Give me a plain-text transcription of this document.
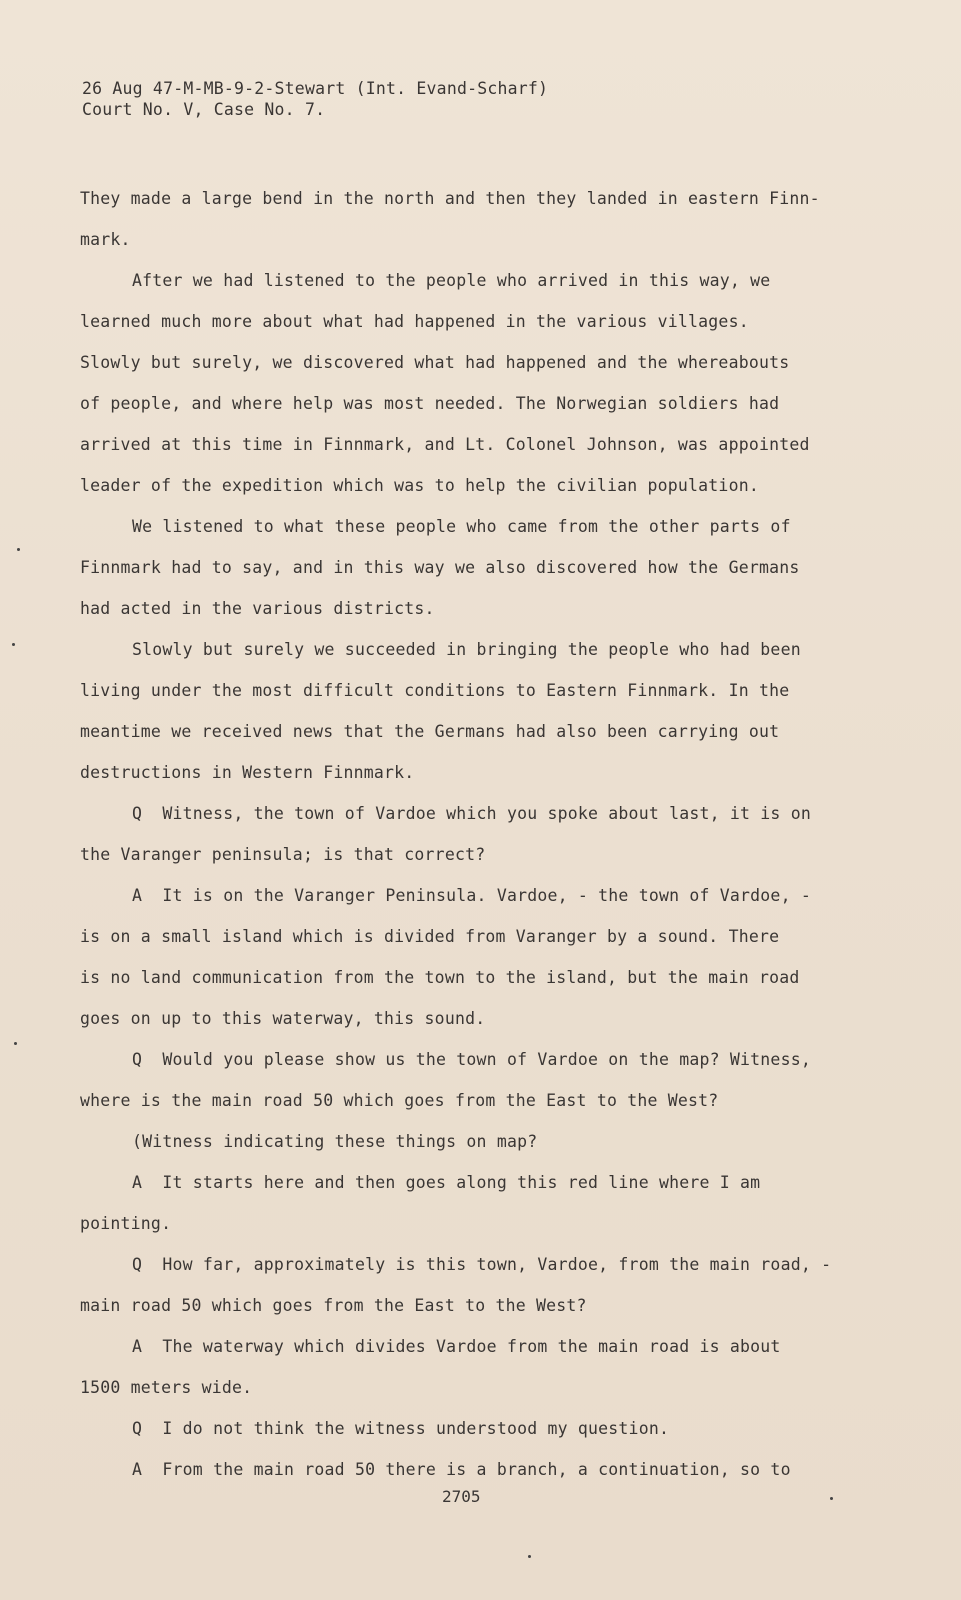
26 Aug 47-M-MB-9-2-Stewart (Int. Evand-Scharf)
Court No. V, Case No. 7.
They made a large bend in the north and then they landed in eastern Finn-
mark.
After we had listened to the people who arrived in this way, we
learned much more about what had happened in the various villages.
Slowly but surely, we discovered what had happened and the whereabouts
of people, and where help was most needed. The Norwegian soldiers had
arrived at this time in Finnmark, and Lt. Colonel Johnson, was appointed
leader of the expedition which was to help the civilian population.
We listened to what these people who came from the other parts of
Finnmark had to say, and in this way we also discovered how the Germans
had acted in the various districts.
Slowly but surely we succeeded in bringing the people who had been
living under the most difficult conditions to Eastern Finnmark. In the
meantime we received news that the Germans had also been carrying out
destructions in Western Finnmark.
Q  Witness, the town of Vardoe which you spoke about last, it is on
the Varanger peninsula; is that correct?
A  It is on the Varanger Peninsula. Vardoe, - the town of Vardoe, -
is on a small island which is divided from Varanger by a sound. There
is no land communication from the town to the island, but the main road
goes on up to this waterway, this sound.
Q  Would you please show us the town of Vardoe on the map? Witness,
where is the main road 50 which goes from the East to the West?
(Witness indicating these things on map?
A  It starts here and then goes along this red line where I am
pointing.
Q  How far, approximately is this town, Vardoe, from the main road, -
main road 50 which goes from the East to the West?
A  The waterway which divides Vardoe from the main road is about
1500 meters wide.
Q  I do not think the witness understood my question.
A  From the main road 50 there is a branch, a continuation, so to
2705
